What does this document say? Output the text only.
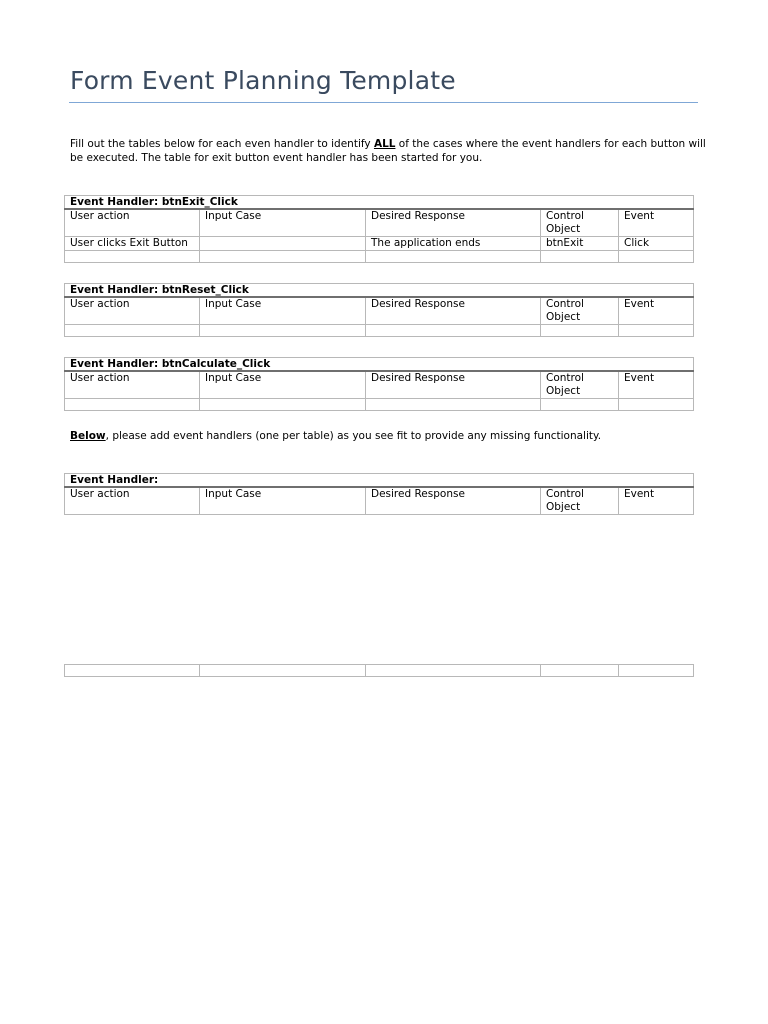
Form Event Planning Template
Fill out the tables below for each even handler to identify ALL of the cases where the event handlers for each button will be executed. The table for exit button event handler has been started for you.
Event Handler: btnExit_Click				
User action	Input Case	Desired Response	Control Object	Event
User clicks Exit Button		The application ends	btnExit	Click

Event Handler: btnReset_Click				
User action	Input Case	Desired Response	Control Object	Event

Event Handler: btnCalculate_Click				
User action	Input Case	Desired Response	Control Object	Event

Below, please add event handlers (one per table) as you see fit to provide any missing functionality.
Event Handler:
User action	Input Case	Desired Response	Control Object	Event
